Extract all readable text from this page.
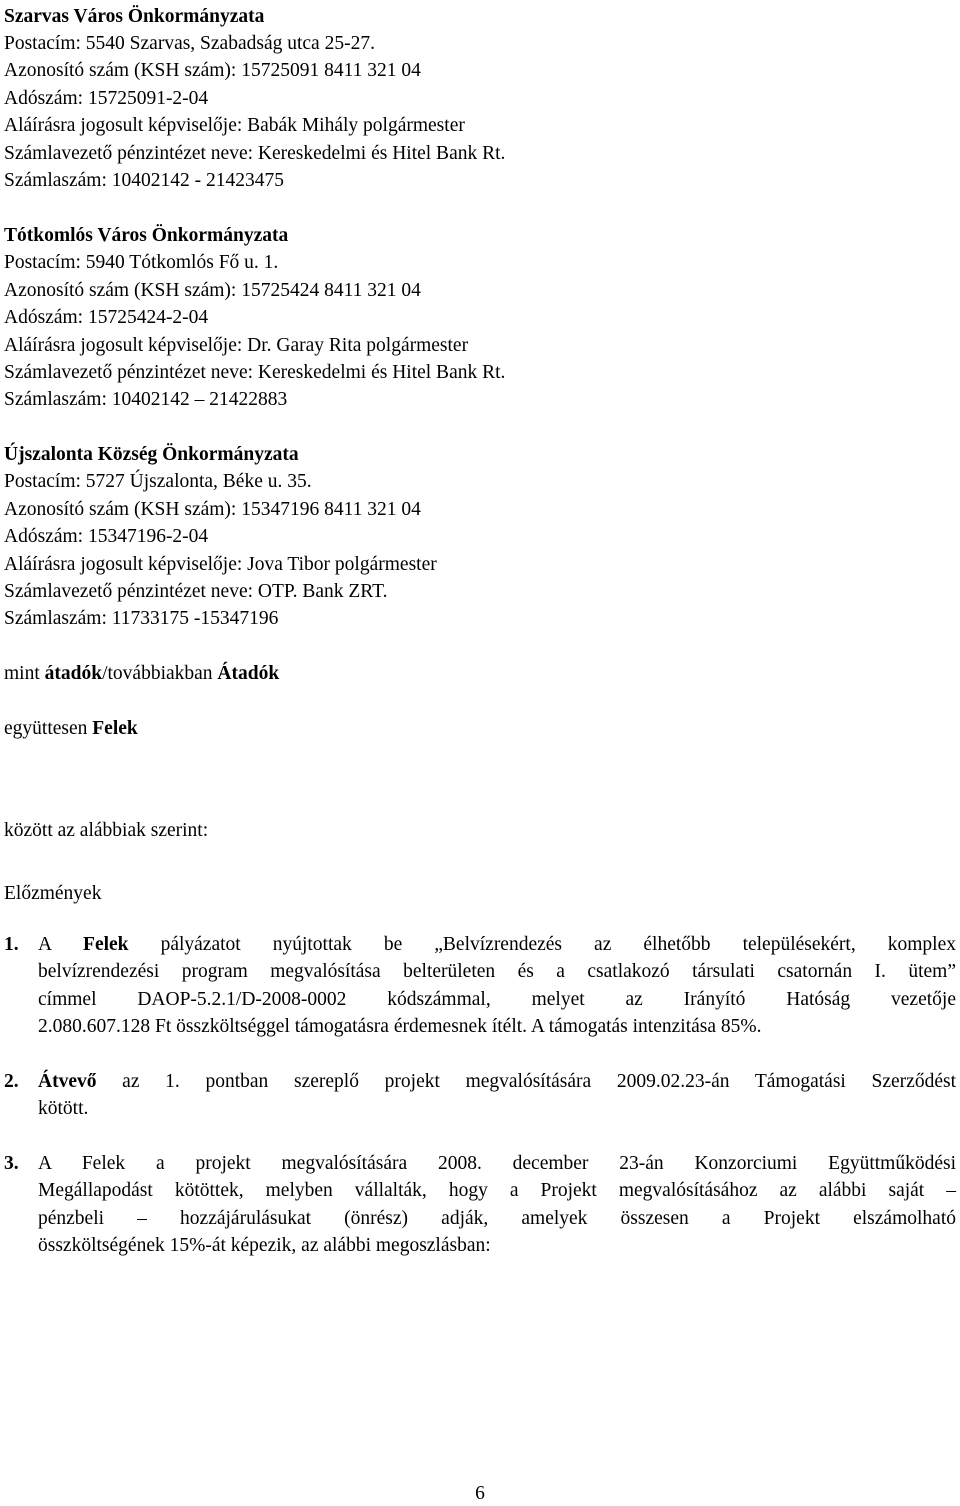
Szarvas Város Önkormányzata
Postacím: 5540 Szarvas, Szabadság utca 25-27.
Azonosító szám (KSH szám): 15725091 8411 321 04
Adószám: 15725091-2-04
Aláírásra jogosult képviselője: Babák Mihály polgármester
Számlavezető pénzintézet neve: Kereskedelmi és Hitel Bank Rt.
Számlaszám: 10402142 - 21423475
Tótkomlós Város Önkormányzata
Postacím: 5940 Tótkomlós Fő u. 1.
Azonosító szám (KSH szám): 15725424 8411 321 04
Adószám: 15725424-2-04
Aláírásra jogosult képviselője: Dr. Garay Rita polgármester
Számlavezető pénzintézet neve: Kereskedelmi és Hitel Bank Rt.
Számlaszám: 10402142 – 21422883
Újszalonta Község Önkormányzata
Postacím: 5727 Újszalonta, Béke u. 35.
Azonosító szám (KSH szám): 15347196 8411 321 04
Adószám: 15347196-2-04
Aláírásra jogosult képviselője: Jova Tibor polgármester
Számlavezető pénzintézet neve: OTP. Bank ZRT.
Számlaszám: 11733175 -15347196
mint átadók/továbbiakban Átadók
együttesen Felek
között az alábbiak szerint:
Előzmények
1. A Felek pályázatot nyújtottak be „Belvízrendezés az élhetőbb településekért, komplex
belvízrendezési program megvalósítása belterületen és a csatlakozó társulati csatornán I. ütem”
címmel DAOP-5.2.1/D-2008-0002 kódszámmal, melyet az Irányító Hatóság vezetője
2.080.607.128 Ft összköltséggel támogatásra érdemesnek ítélt. A támogatás intenzitása 85%.
2. Átvevő az 1. pontban szereplő projekt megvalósítására 2009.02.23-án Támogatási Szerződést
kötött.
3. A Felek a projekt megvalósítására 2008. december 23-án Konzorciumi Együttműködési
Megállapodást kötöttek, melyben vállalták, hogy a Projekt megvalósításához az alábbi saját –
pénzbeli – hozzájárulásukat (önrész) adják, amelyek összesen a Projekt elszámolható
összköltségének 15%-át képezik, az alábbi megoszlásban:
6
